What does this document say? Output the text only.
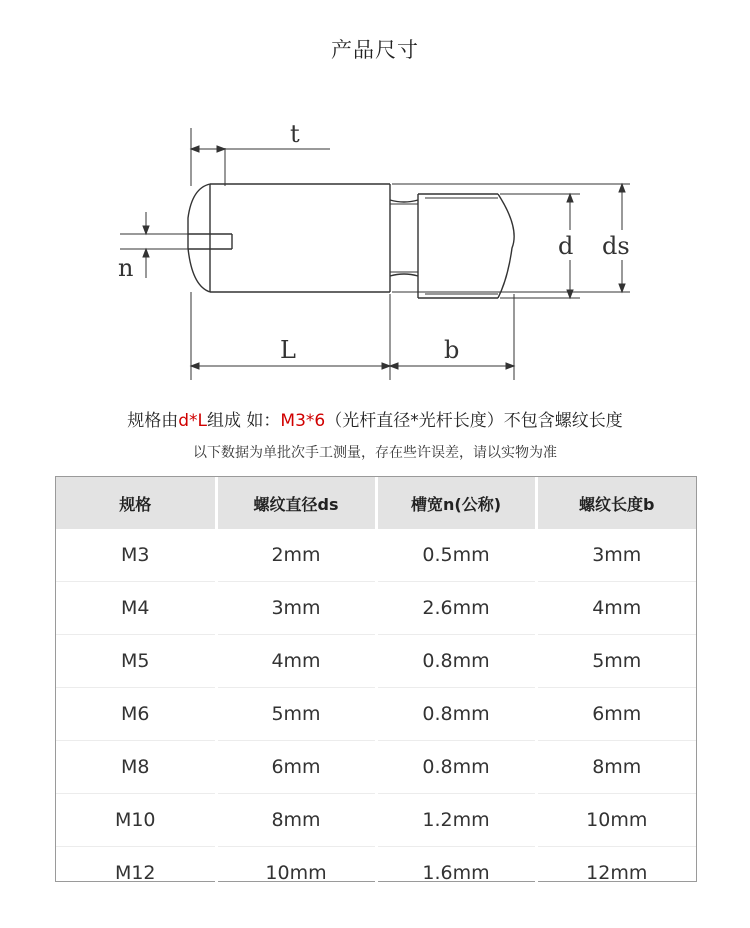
产品尺寸
t
n
d ds
L	b
规格由d*L组成 如：M3*6（光杆直径*光杆长度）不包含螺纹长度
以下数据为单批次手工测量，存在些许误差，请以实物为准
规格	螺纹直径ds	槽宽n(公称)	螺纹长度b
M3	2mm	0.5mm	3mm
M4	3mm	2.6mm	4mm
M5	4mm	0.8mm	5mm
M6	5mm	0.8mm	6mm
M8	6mm	0.8mm	8mm
M10	8mm	1.2mm	10mm
M12	10mm	1.6mm	12mm
